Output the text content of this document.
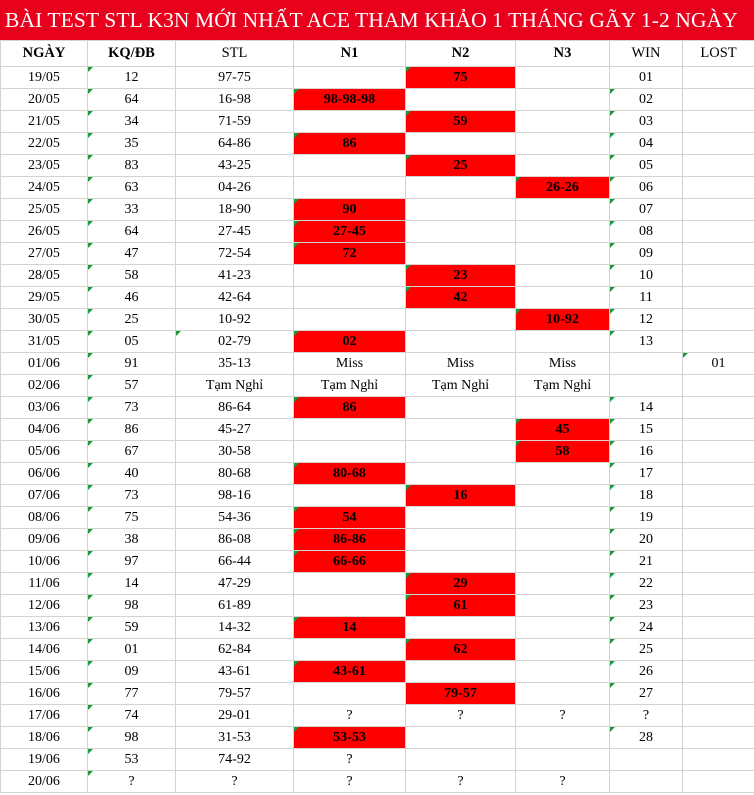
BÀI TEST STL K3N MỚI NHẤT ACE THAM KHẢO 1 THÁNG GÃY 1-2 NGÀY
NGÀY	KQ/ĐB	STL	N1	N2	N3	WIN	LOST
19/05	12	97-75		75		01	
20/05	64	16-98	98-98-98			02	
21/05	34	71-59		59		03	
22/05	35	64-86	86			04	
23/05	83	43-25		25		05	
24/05	63	04-26			26-26	06	
25/05	33	18-90	90			07	
26/05	64	27-45	27-45			08	
27/05	47	72-54	72			09	
28/05	58	41-23		23		10	
29/05	46	42-64		42		11	
30/05	25	10-92			10-92	12	
31/05	05	02-79	02			13	
01/06	91	35-13	Miss	Miss	Miss		01
02/06	57	Tạm Nghỉ	Tạm Nghỉ	Tạm Nghỉ	Tạm Nghỉ		
03/06	73	86-64	86			14	
04/06	86	45-27			45	15	
05/06	67	30-58			58	16	
06/06	40	80-68	80-68			17	
07/06	73	98-16		16		18	
08/06	75	54-36	54			19	
09/06	38	86-08	86-86			20	
10/06	97	66-44	66-66			21	
11/06	14	47-29		29		22	
12/06	98	61-89		61		23	
13/06	59	14-32	14			24	
14/06	01	62-84		62		25	
15/06	09	43-61	43-61			26	
16/06	77	79-57		79-57		27	
17/06	74	29-01	?	?	?	?	
18/06	98	31-53	53-53			28	
19/06	53	74-92	?				
20/06	?	?	?	?	?		
